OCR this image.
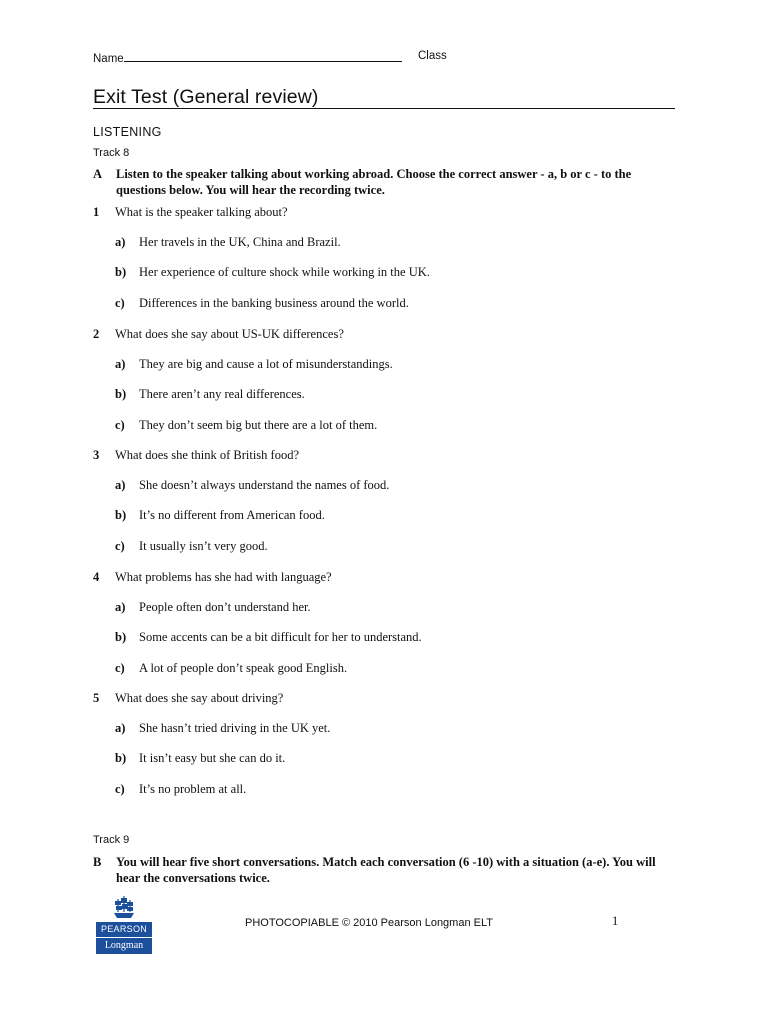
Name	Class
Exit Test (General review)
LISTENING
Track 8
A Listen to the speaker talking about working abroad. Choose the correct answer - a, b or c - to the questions below. You will hear the recording twice.
1 What is the speaker talking about?
a) Her travels in the UK, China and Brazil.
b) Her experience of culture shock while working in the UK.
c) Differences in the banking business around the world.
2 What does she say about US-UK differences?
a) They are big and cause a lot of misunderstandings.
b) There aren’t any real differences.
c) They don’t seem big but there are a lot of them.
3 What does she think of British food?
a) She doesn’t always understand the names of food.
b) It’s no different from American food.
c) It usually isn’t very good.
4 What problems has she had with language?
a) People often don’t understand her.
b) Some accents can be a bit difficult for her to understand.
c) A lot of people don’t speak good English.
5 What does she say about driving?
a) She hasn’t tried driving in the UK yet.
b) It isn’t easy but she can do it.
c) It’s no problem at all.
Track 9
B You will hear five short conversations. Match each conversation (6 -10) with a situation (a-e). You will hear the conversations twice.
PEARSON
Longman
PHOTOCOPIABLE © 2010 Pearson Longman ELT	1
